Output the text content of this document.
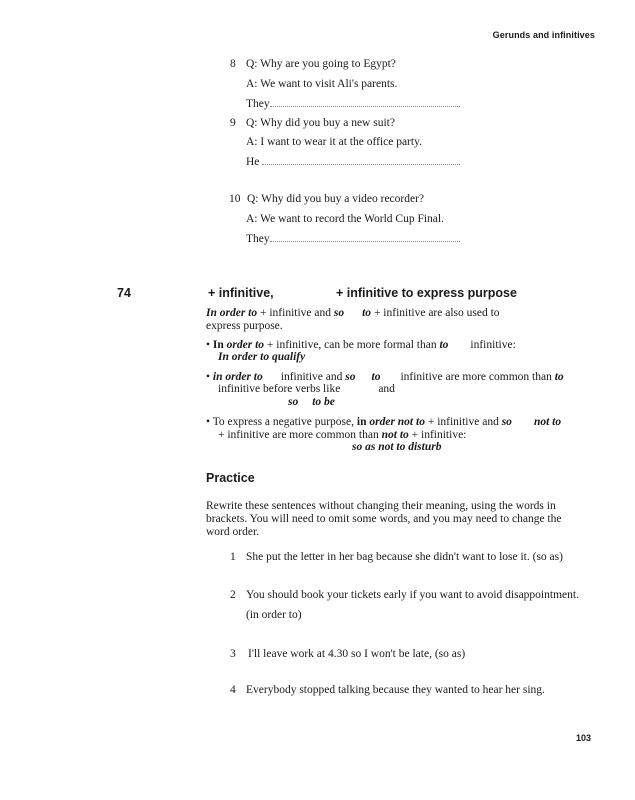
Gerunds and infinitives
8 Q: Why are you going to Egypt?
A: We want to visit Ali's parents.
They
9 Q: Why did you buy a new suit?
A: I want to wear it at the office party.
He
10 Q: Why did you buy a video recorder?
A: We want to record the World Cup Final.
They
74	+ infinitive,	+ infinitive to express purpose
In order to + infinitive and so to + infinitive are also used to
express purpose.
• In order to + infinitive, can be more formal than to infinitive:
In order to qualify
• in order to infinitive and so to infinitive are more common than to
infinitive before verbs like	and
so to be
• To express a negative purpose, in order not to + infinitive and so not to
+ infinitive are more common than not to + infinitive:
so as not to disturb
Practice
Rewrite these sentences without changing their meaning, using the words in
brackets. You will need to omit some words, and you may need to change the
word order.
1 She put the letter in her bag because she didn't want to lose it. (so as)
2 You should book your tickets early if you want to avoid disappointment.
(in order to)
3 I'll leave work at 4.30 so I won't be late, (so as)
4 Everybody stopped talking because they wanted to hear her sing.
103
